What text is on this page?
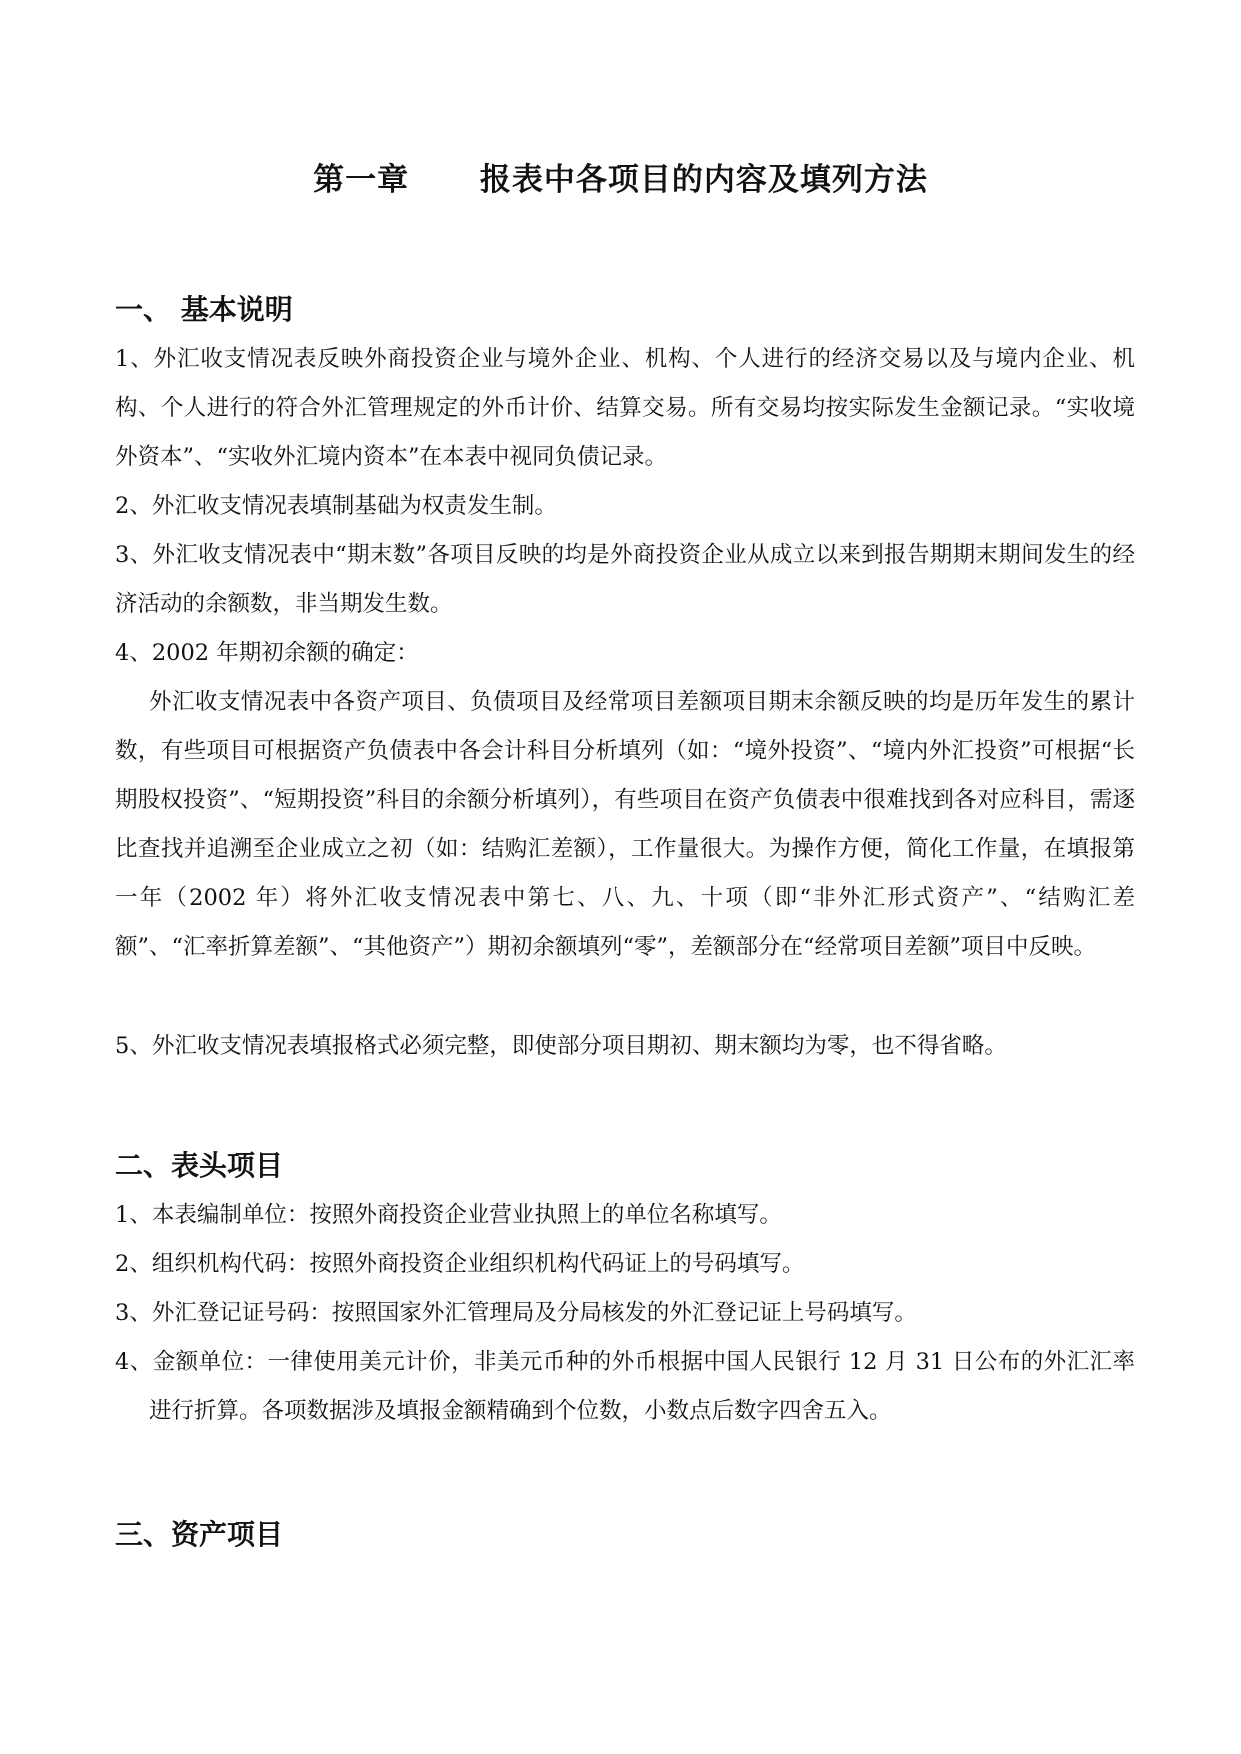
第一章      报表中各项目的内容及填列方法
一、 基本说明

1、外汇收支情况表反映外商投资企业与境外企业、机构、个人进行的经济交易以及与境内企业、机构、个人进行的符合外汇管理规定的外币计价、结算交易。所有交易均按实际发生金额记录。“实收境外资本”、“实收外汇境内资本”在本表中视同负债记录。

2、外汇收支情况表填制基础为权责发生制。

3、外汇收支情况表中“期末数”各项目反映的均是外商投资企业从成立以来到报告期期末期间发生的经济活动的余额数，非当期发生数。

4、2002 年期初余额的确定：

外汇收支情况表中各资产项目、负债项目及经常项目差额项目期末余额反映的均是历年发生的累计数，有些项目可根据资产负债表中各会计科目分析填列（如：“境外投资”、“境内外汇投资”可根据“长期股权投资”、“短期投资”科目的余额分析填列），有些项目在资产负债表中很难找到各对应科目，需逐比查找并追溯至企业成立之初（如：结购汇差额），工作量很大。为操作方便，简化工作量，在填报第一年（2002 年）将外汇收支情况表中第七、八、九、十项（即“非外汇形式资产”、“结购汇差额”、“汇率折算差额”、“其他资产”）期初余额填列“零”，差额部分在“经常项目差额”项目中反映。

5、外汇收支情况表填报格式必须完整，即使部分项目期初、期末额均为零，也不得省略。

二、表头项目

1、本表编制单位：按照外商投资企业营业执照上的单位名称填写。

2、组织机构代码：按照外商投资企业组织机构代码证上的号码填写。

3、外汇登记证号码：按照国家外汇管理局及分局核发的外汇登记证上号码填写。

4、金额单位：一律使用美元计价，非美元币种的外币根据中国人民银行 12 月 31 日公布的外汇汇率进行折算。各项数据涉及填报金额精确到个位数，小数点后数字四舍五入。

三、资产项目
